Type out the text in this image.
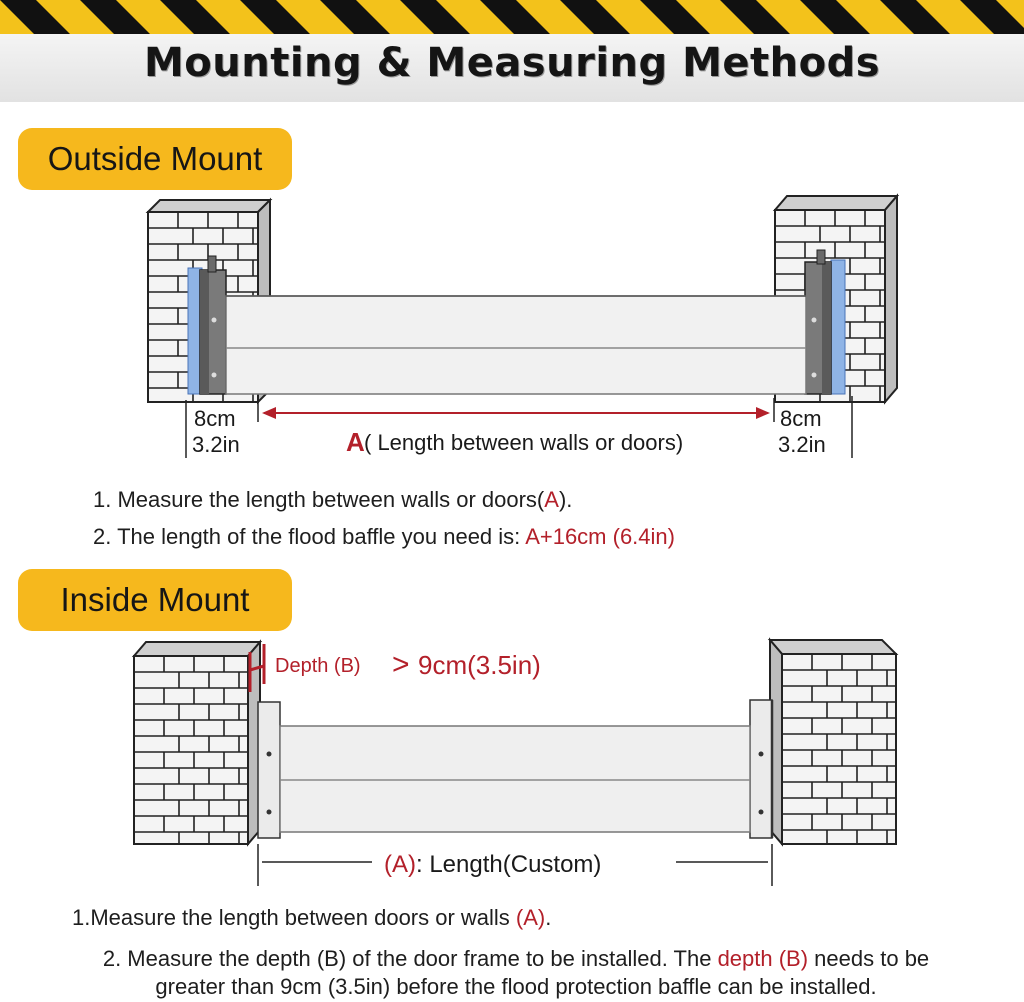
Mounting & Measuring Methods
Outside Mount
8cm
3.2in
8cm
3.2in
A ( Length between walls or doors)
1. Measure the length between walls or doors(A).
2. The length of the flood baffle you need is: A+16cm (6.4in)
Inside Mount
Depth (B) > 9cm(3.5in)
(A): Length(Custom)
1.Measure the length between doors or walls (A).
2. Measure the depth (B) of the door frame to be installed. The depth (B) needs to be greater than 9cm (3.5in) before the flood protection baffle can be installed.
